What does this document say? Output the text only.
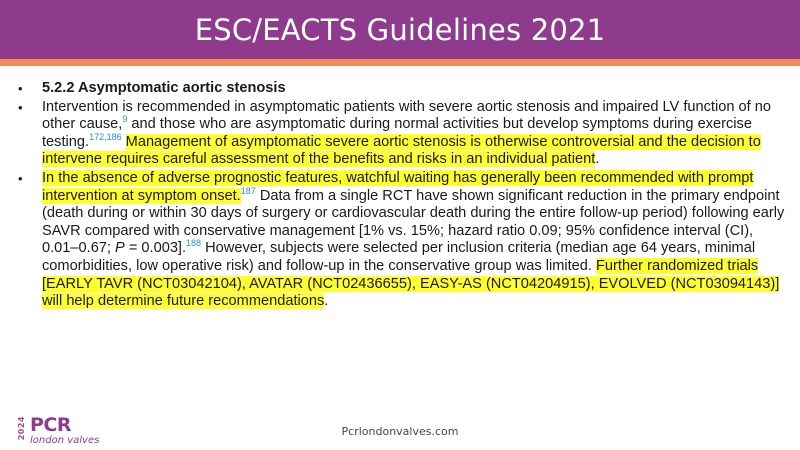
ESC/EACTS Guidelines 2021
•	5.2.2 Asymptomatic aortic stenosis
•	Intervention is recommended in asymptomatic patients with severe aortic stenosis and impaired LV function of no other cause,$^9$ and those who are asymptomatic during normal activities but develop symptoms during exercise testing.$^{172,186}$ Management of asymptomatic severe aortic stenosis is otherwise controversial and the decision to intervene requires careful assessment of the benefits and risks in an individual patient.
•	In the absence of adverse prognostic features, watchful waiting has generally been recommended with prompt intervention at symptom onset.$^{187}$ Data from a single RCT have shown significant reduction in the primary endpoint (death during or within 30 days of surgery or cardiovascular death during the entire follow-up period) following early SAVR compared with conservative management [1% vs. 15%; hazard ratio 0.09; 95% confidence interval (CI), 0.01–0.67; P = 0.003].$^{188}$ However, subjects were selected per inclusion criteria (median age 64 years, minimal comorbidities, low operative risk) and follow-up in the conservative group was limited. Further randomized trials [EARLY TAVR (NCT03042104), AVATAR (NCT02436655), EASY-AS (NCT04204915), EVOLVED (NCT03094143)] will help determine future recommendations.
2024 PCR
london valves
Pcrlondonvalves.com
